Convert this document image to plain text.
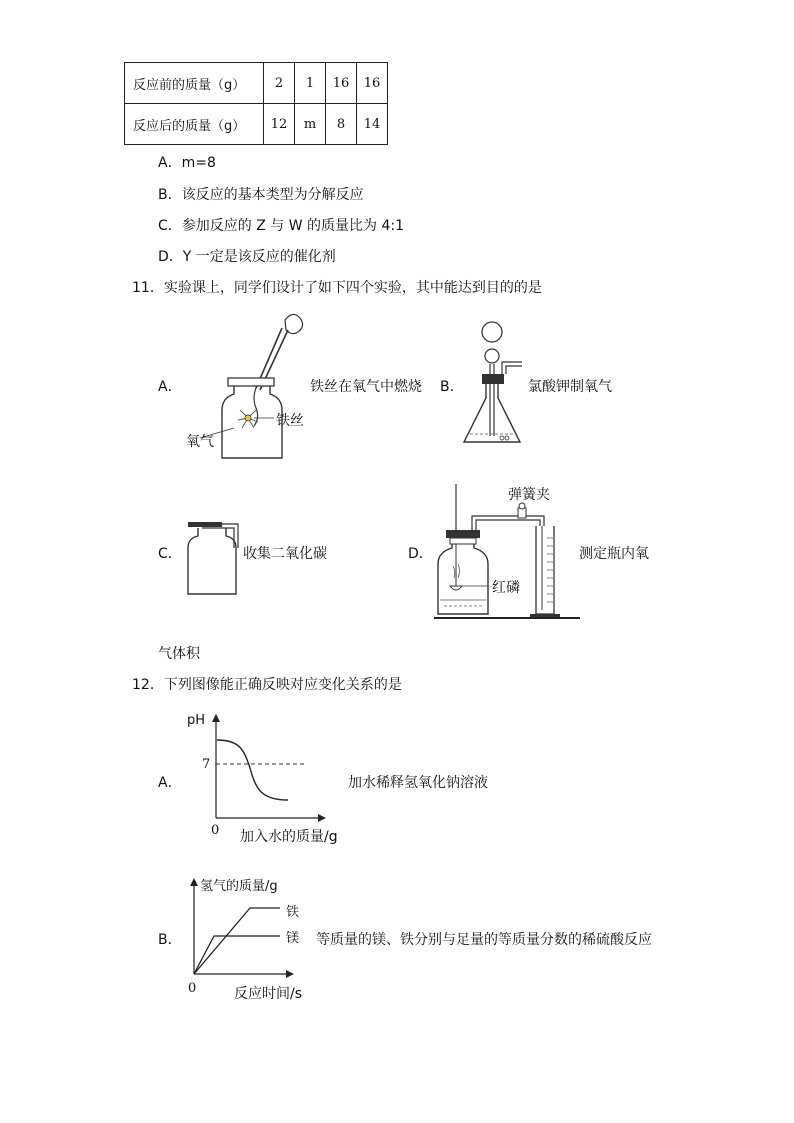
反应前的质量（g）	2	1	16	16
反应后的质量（g）	12	m	8	14
A．m=8
B．该反应的基本类型为分解反应
C．参加反应的 Z 与 W 的质量比为 4:1
D．Y 一定是该反应的催化剂
11．实验课上，同学们设计了如下四个实验，其中能达到目的的是
A．
铁丝
氧气
铁丝在氧气中燃烧 B．	氯酸钾制氧气
C．	收集二氧化碳	D．
弹簧夹
红磷
测定瓶内氧
气体积
12．下列图像能正确反映对应变化关系的是
A．
pH
7
0 加入水的质量/g
加水稀释氢氧化钠溶液
B．
铁
镁
氢气的质量/g
0	反应时间/s
等质量的镁、铁分别与足量的等质量分数的稀硫酸反应
